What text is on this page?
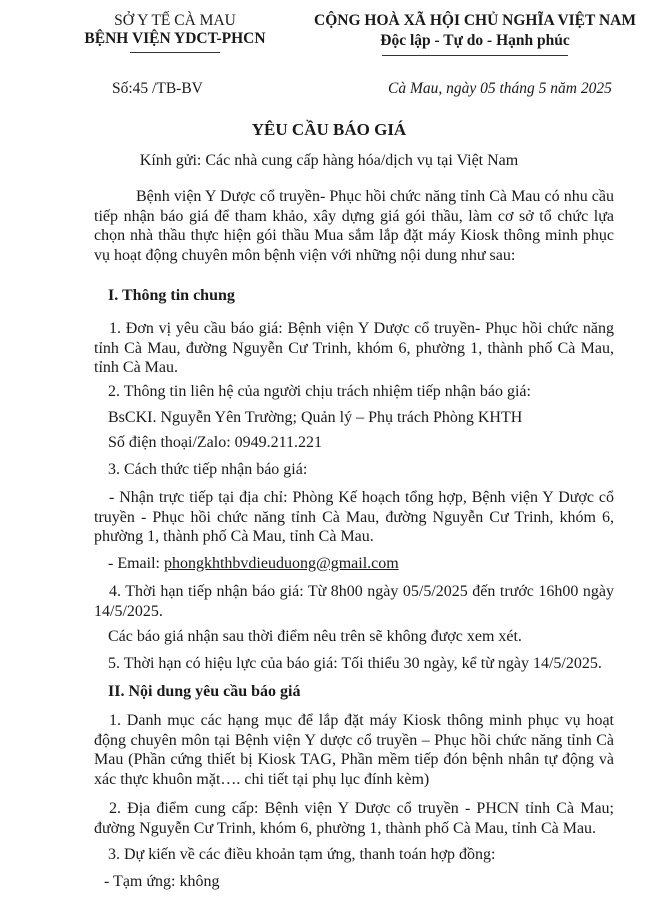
SỞ Y TẾ CÀ MAU
BỆNH VIỆN YDCT-PHCN
Số:45 /TB-BV
CỘNG HOÀ XÃ HỘI CHỦ NGHĨA VIỆT NAM
Độc lập - Tự do - Hạnh phúc
Cà Mau, ngày 05 tháng 5 năm 2025
YÊU CẦU BÁO GIÁ
Kính gửi: Các nhà cung cấp hàng hóa/dịch vụ tại Việt Nam
Bệnh viện Y Dược cổ truyền- Phục hồi chức năng tỉnh Cà Mau có nhu cầu tiếp nhận báo giá để tham khảo, xây dựng giá gói thầu, làm cơ sở tổ chức lựa chọn nhà thầu thực hiện gói thầu Mua sắm lắp đặt máy Kiosk thông minh phục vụ hoạt động chuyên môn bệnh viện với những nội dung như sau:
I. Thông tin chung
1. Đơn vị yêu cầu báo giá: Bệnh viện Y Dược cổ truyền- Phục hồi chức năng tỉnh Cà Mau, đường Nguyễn Cư Trinh, khóm 6, phường 1, thành phố Cà Mau, tỉnh Cà Mau.
2. Thông tin liên hệ của người chịu trách nhiệm tiếp nhận báo giá:
BsCKI. Nguyễn Yên Trường; Quản lý – Phụ trách Phòng KHTH
Số điện thoại/Zalo: 0949.211.221
3. Cách thức tiếp nhận báo giá:
- Nhận trực tiếp tại địa chỉ: Phòng Kế hoạch tổng hợp, Bệnh viện Y Dược cổ truyền - Phục hồi chức năng tỉnh Cà Mau, đường Nguyễn Cư Trinh, khóm 6, phường 1, thành phố Cà Mau, tỉnh Cà Mau.
- Email: phongkhthbvdieuduong@gmail.com
4. Thời hạn tiếp nhận báo giá: Từ 8h00 ngày 05/5/2025 đến trước 16h00 ngày 14/5/2025.
Các báo giá nhận sau thời điểm nêu trên sẽ không được xem xét.
5. Thời hạn có hiệu lực của báo giá: Tối thiểu 30 ngày, kể từ ngày 14/5/2025.
II. Nội dung yêu cầu báo giá
1. Danh mục các hạng mục để lắp đặt máy Kiosk thông minh phục vụ hoạt động chuyên môn tại Bệnh viện Y dược cổ truyền – Phục hồi chức năng tỉnh Cà Mau (Phần cứng thiết bị Kiosk TAG, Phần mềm tiếp đón bệnh nhân tự động và xác thực khuôn mặt…. chi tiết tại phụ lục đính kèm)
2. Địa điểm cung cấp: Bệnh viện Y Dược cổ truyền - PHCN tỉnh Cà Mau; đường Nguyễn Cư Trinh, khóm 6, phường 1, thành phố Cà Mau, tỉnh Cà Mau.
3. Dự kiến về các điều khoản tạm ứng, thanh toán hợp đồng:
- Tạm ứng: không
